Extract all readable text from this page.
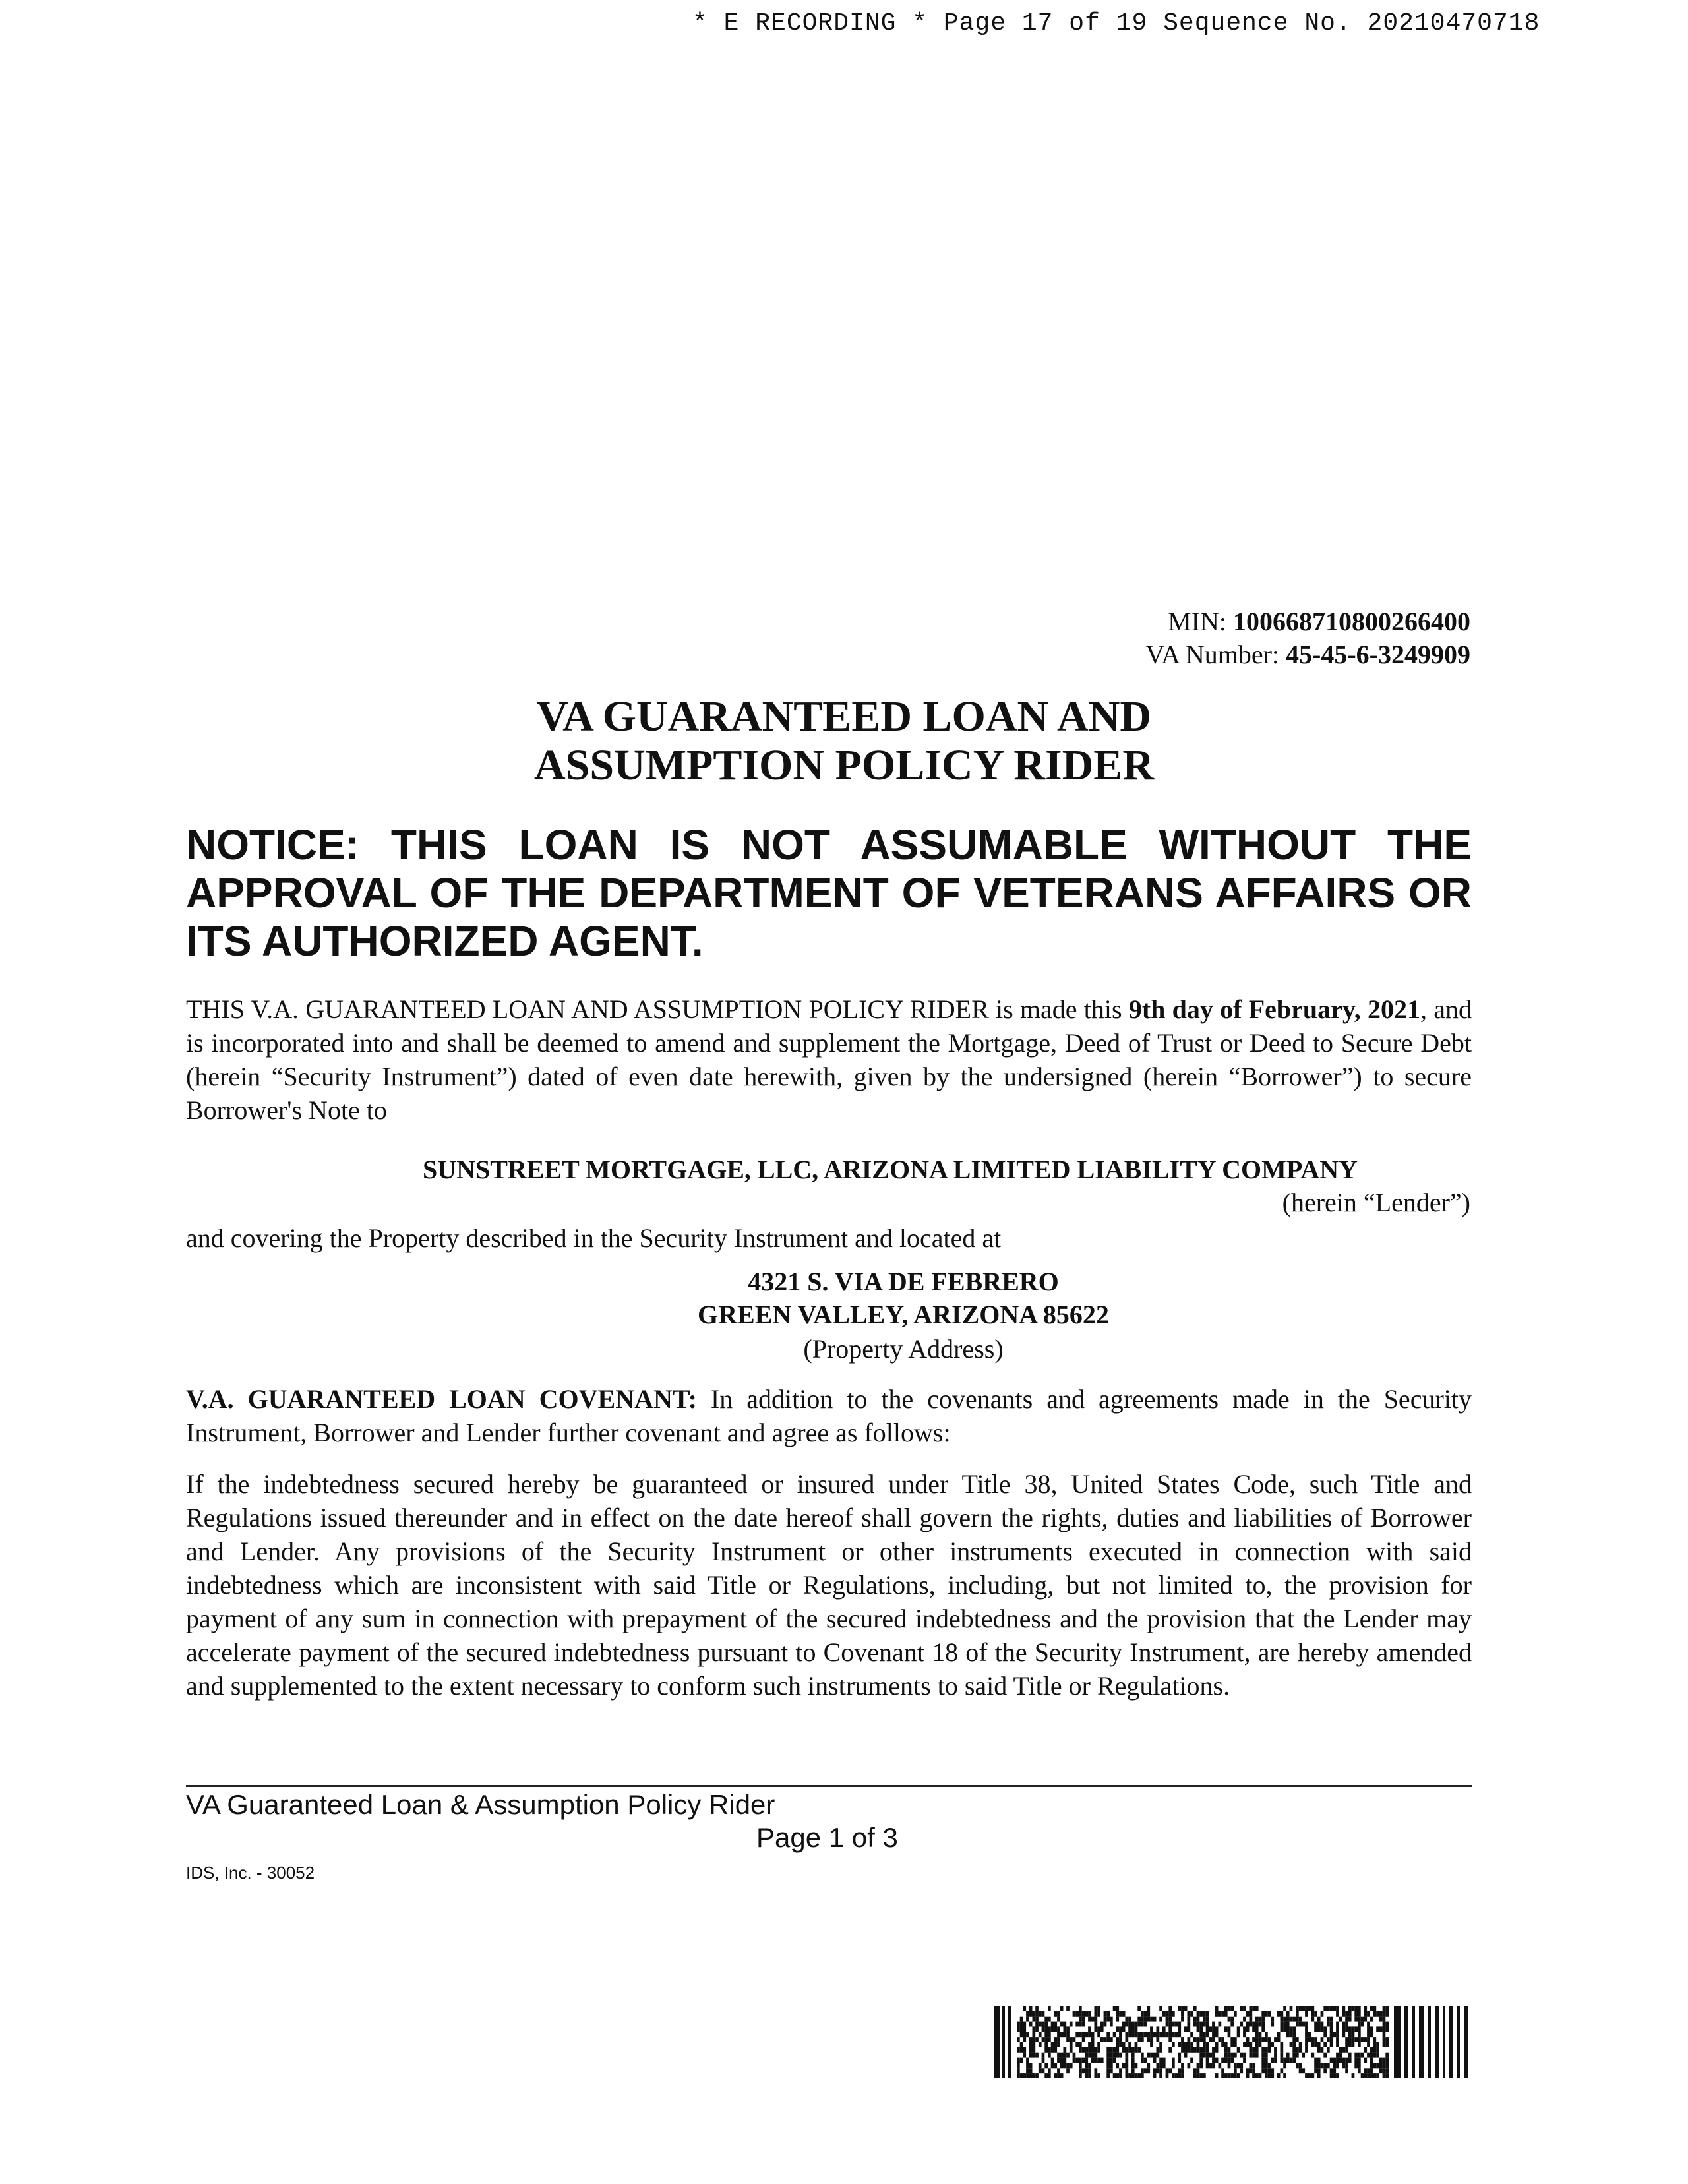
* E RECORDING * Page 17 of 19 Sequence No. 20210470718
MIN: 100668710800266400
VA Number: 45-45-6-3249909
VA GUARANTEED LOAN AND
ASSUMPTION POLICY RIDER
NOTICE: THIS LOAN IS NOT ASSUMABLE WITHOUT THE APPROVAL OF THE DEPARTMENT OF VETERANS AFFAIRS OR ITS AUTHORIZED AGENT.
THIS V.A. GUARANTEED LOAN AND ASSUMPTION POLICY RIDER is made this 9th day of February, 2021, and is incorporated into and shall be deemed to amend and supplement the Mortgage, Deed of Trust or Deed to Secure Debt (herein “Security Instrument”) dated of even date herewith, given by the undersigned (herein “Borrower”) to secure Borrower's Note to
SUNSTREET MORTGAGE, LLC, ARIZONA LIMITED LIABILITY COMPANY
(herein “Lender”)
and covering the Property described in the Security Instrument and located at
4321 S. VIA DE FEBRERO
GREEN VALLEY, ARIZONA 85622
(Property Address)
V.A. GUARANTEED LOAN COVENANT: In addition to the covenants and agreements made in the Security Instrument, Borrower and Lender further covenant and agree as follows:
If the indebtedness secured hereby be guaranteed or insured under Title 38, United States Code, such Title and Regulations issued thereunder and in effect on the date hereof shall govern the rights, duties and liabilities of Borrower and Lender. Any provisions of the Security Instrument or other instruments executed in connection with said indebtedness which are inconsistent with said Title or Regulations, including, but not limited to, the provision for payment of any sum in connection with prepayment of the secured indebtedness and the provision that the Lender may accelerate payment of the secured indebtedness pursuant to Covenant 18 of the Security Instrument, are hereby amended and supplemented to the extent necessary to conform such instruments to said Title or Regulations.
VA Guaranteed Loan & Assumption Policy Rider
Page 1 of 3
IDS, Inc. - 30052
